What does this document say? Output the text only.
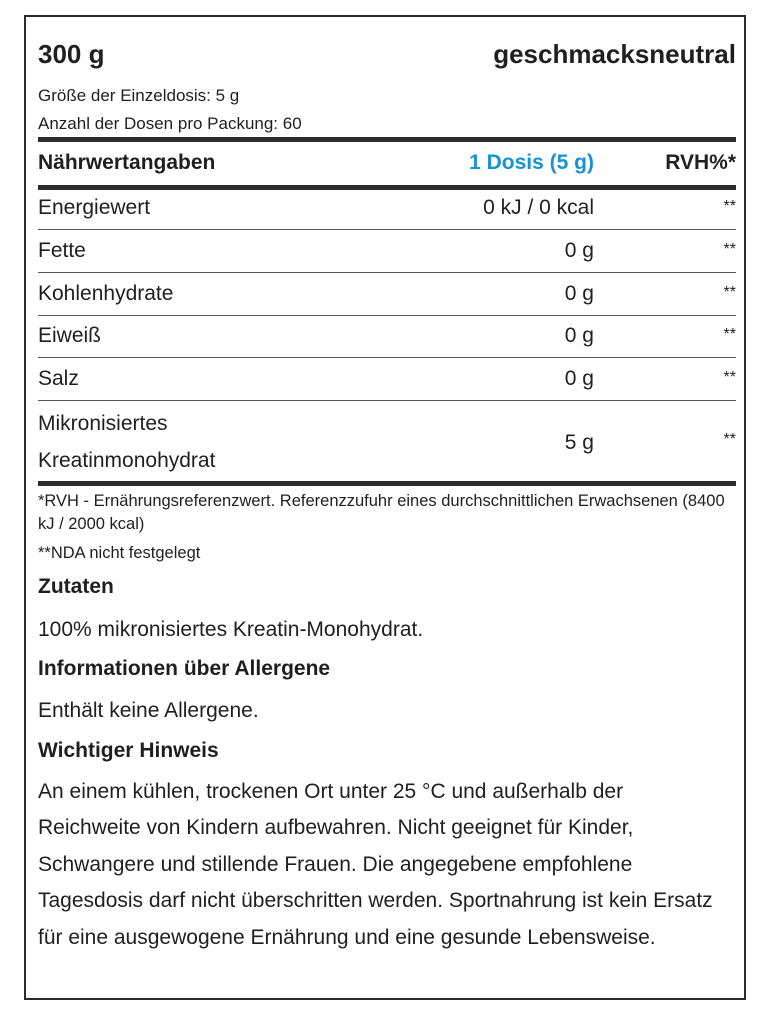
300 g	geschmacksneutral
Größe der Einzeldosis: 5 g
Anzahl der Dosen pro Packung: 60
Nährwertangaben	1 Dosis (5 g)	RVH%*
Energiewert	0 kJ / 0 kcal	**
Fette	0 g	**
Kohlenhydrate	0 g	**
Eiweiß	0 g	**
Salz	0 g	**
Mikronisiertes
Kreatinmonohydrat
5 g	**
*RVH - Ernährungsreferenzwert. Referenzzufuhr eines durchschnittlichen Erwachsenen (8400 kJ / 2000 kcal)
**NDA nicht festgelegt
Zutaten
100% mikronisiertes Kreatin-Monohydrat.
Informationen über Allergene
Enthält keine Allergene.
Wichtiger Hinweis
An einem kühlen, trockenen Ort unter 25 °C und außerhalb der Reichweite von Kindern aufbewahren. Nicht geeignet für Kinder, Schwangere und stillende Frauen. Die angegebene empfohlene Tagesdosis darf nicht überschritten werden. Sportnahrung ist kein Ersatz für eine ausgewogene Ernährung und eine gesunde Lebensweise.
